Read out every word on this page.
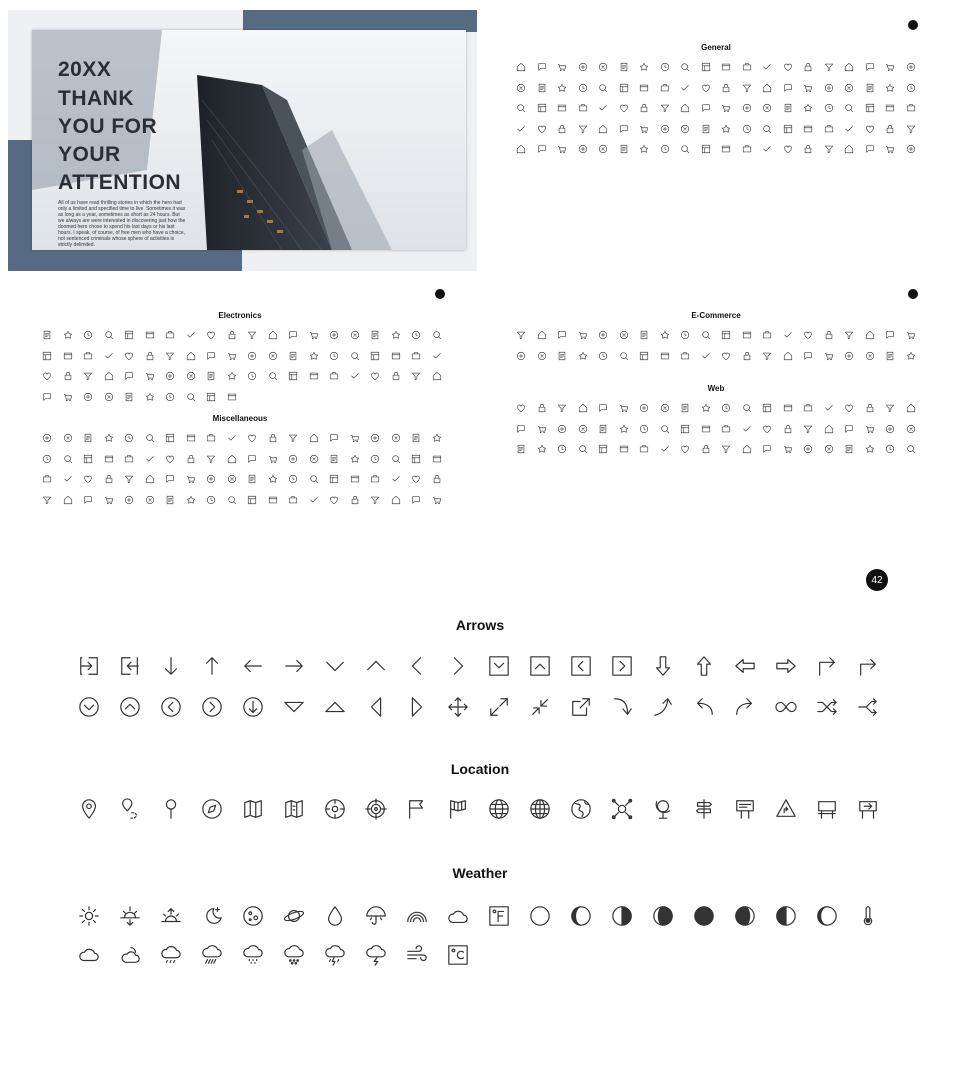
20XX
THANK
YOU FOR
YOUR
ATTENTION
All of us have read thrilling stories in which the hero had only a limited and specified time to live. Sometimes it was as long as a year, sometimes as short as 24 hours. But we always are were interested in discovering just how the doomed hero chose to spend his last days or his last hours. I speak, of course, of free men who have a choice, not sentenced criminals whose sphere of activities is strictly delimited.
General
Electronics
Miscellaneous
E-Commerce
Web
42
Arrows
Location
Weather
